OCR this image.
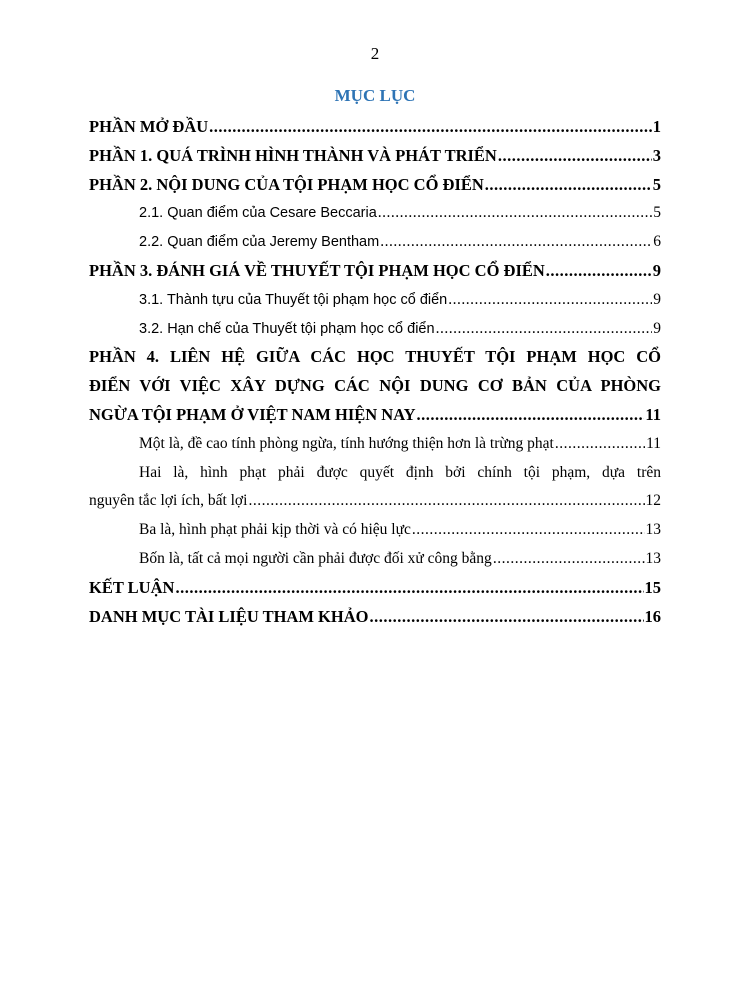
2
MỤC LỤC
PHẦN MỞ ĐẦU .....	1
PHẦN 1. QUÁ TRÌNH HÌNH THÀNH VÀ PHÁT TRIỂN .....	3
PHẦN 2. NỘI DUNG CỦA TỘI PHẠM HỌC CỔ ĐIỂN .....	5
2.1. Quan điểm của Cesare Beccaria .....	5
2.2. Quan điểm của Jeremy Bentham .....	6
PHẦN 3. ĐÁNH GIÁ VỀ THUYẾT TỘI PHẠM HỌC CỔ ĐIỂN .....	9
3.1. Thành tựu của Thuyết tội phạm học cổ điển .....	9
3.2. Hạn chế của Thuyết tội phạm học cổ điển .....	9
PHẦN 4. LIÊN HỆ GIỮA CÁC HỌC THUYẾT TỘI PHẠM HỌC CỔ
ĐIỂN VỚI VIỆC XÂY DỰNG CÁC NỘI DUNG CƠ BẢN CỦA PHÒNG
NGỪA TỘI PHẠM Ở VIỆT NAM HIỆN NAY .....	11
Một là, đề cao tính phòng ngừa, tính hướng thiện hơn là trừng phạt .....	11
Hai là, hình phạt phải được quyết định bởi chính tội phạm, dựa trên
nguyên tắc lợi ích, bất lợi .....	12
Ba là, hình phạt phải kịp thời và có hiệu lực .....	13
Bốn là, tất cả mọi người cần phải được đối xử công bằng .....	13
KẾT LUẬN .....	15
DANH MỤC TÀI LIỆU THAM KHẢO .....	16
